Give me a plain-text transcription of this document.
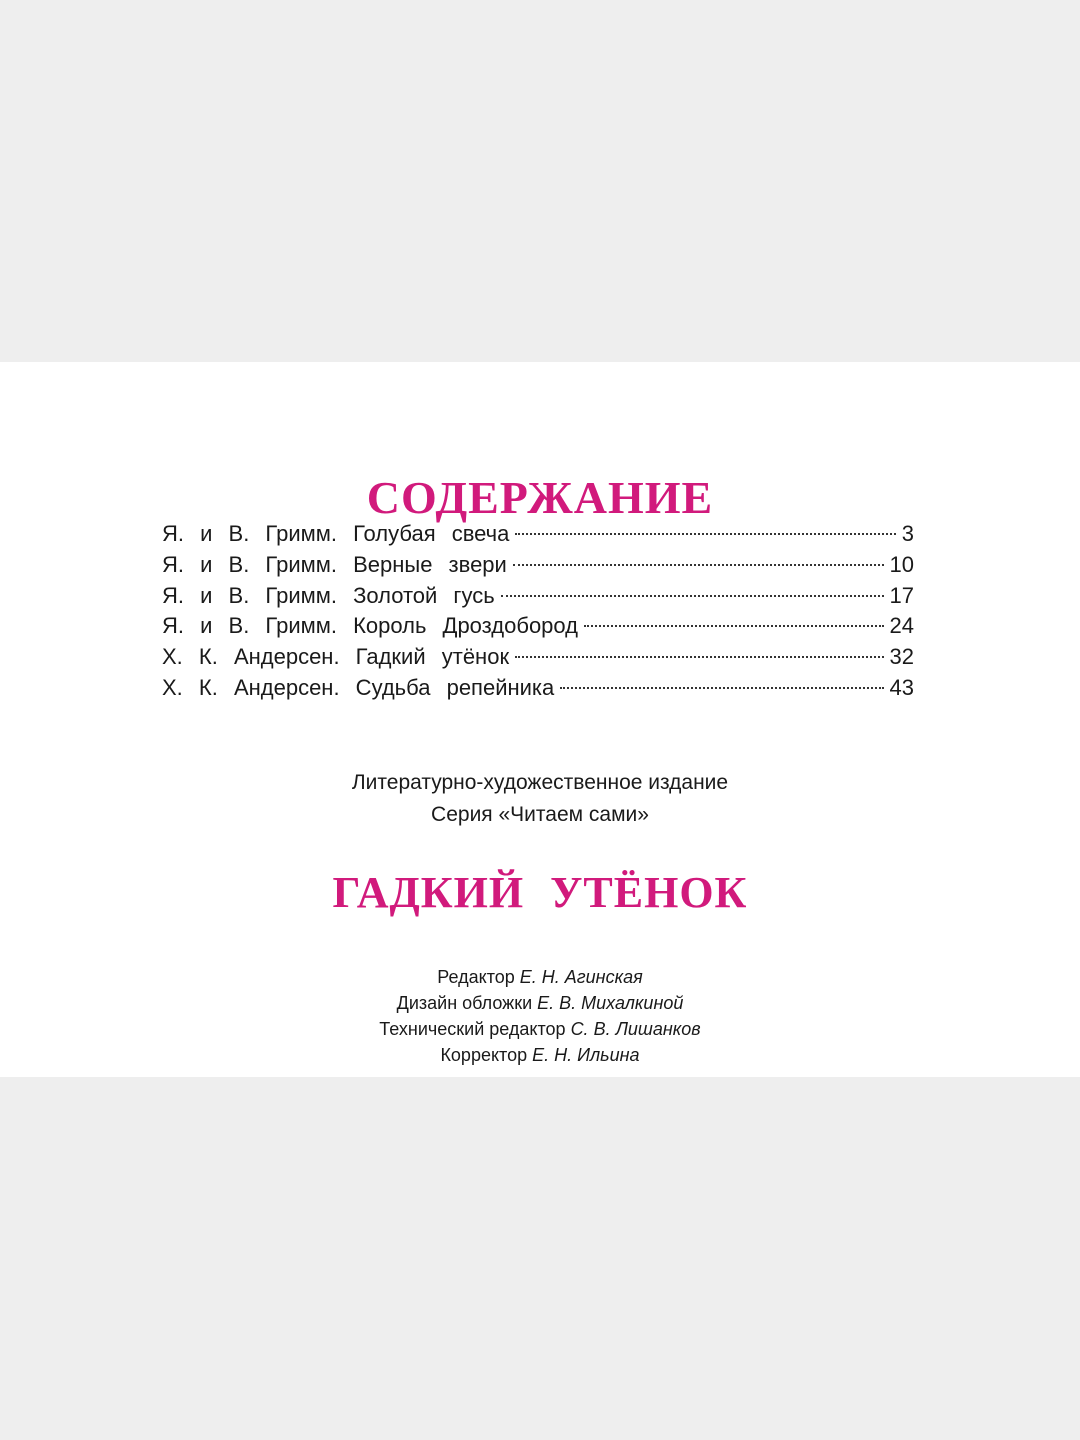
СОДЕРЖАНИЕ
Я. и В. Гримм. Голубая свеча	3
Я. и В. Гримм. Верные звери	10
Я. и В. Гримм. Золотой гусь	17
Я. и В. Гримм. Король Дроздобород	24
Х. К. Андерсен. Гадкий утёнок	32
Х. К. Андерсен. Судьба репейника	43

Литературно-художественное издание

Серия «Читаем сами»

ГАДКИЙ УТЁНОК
Редактор Е. Н. Агинская
Дизайн обложки Е. В. Михалкиной
Технический редактор С. В. Лишанков
Корректор Е. Н. Ильина
